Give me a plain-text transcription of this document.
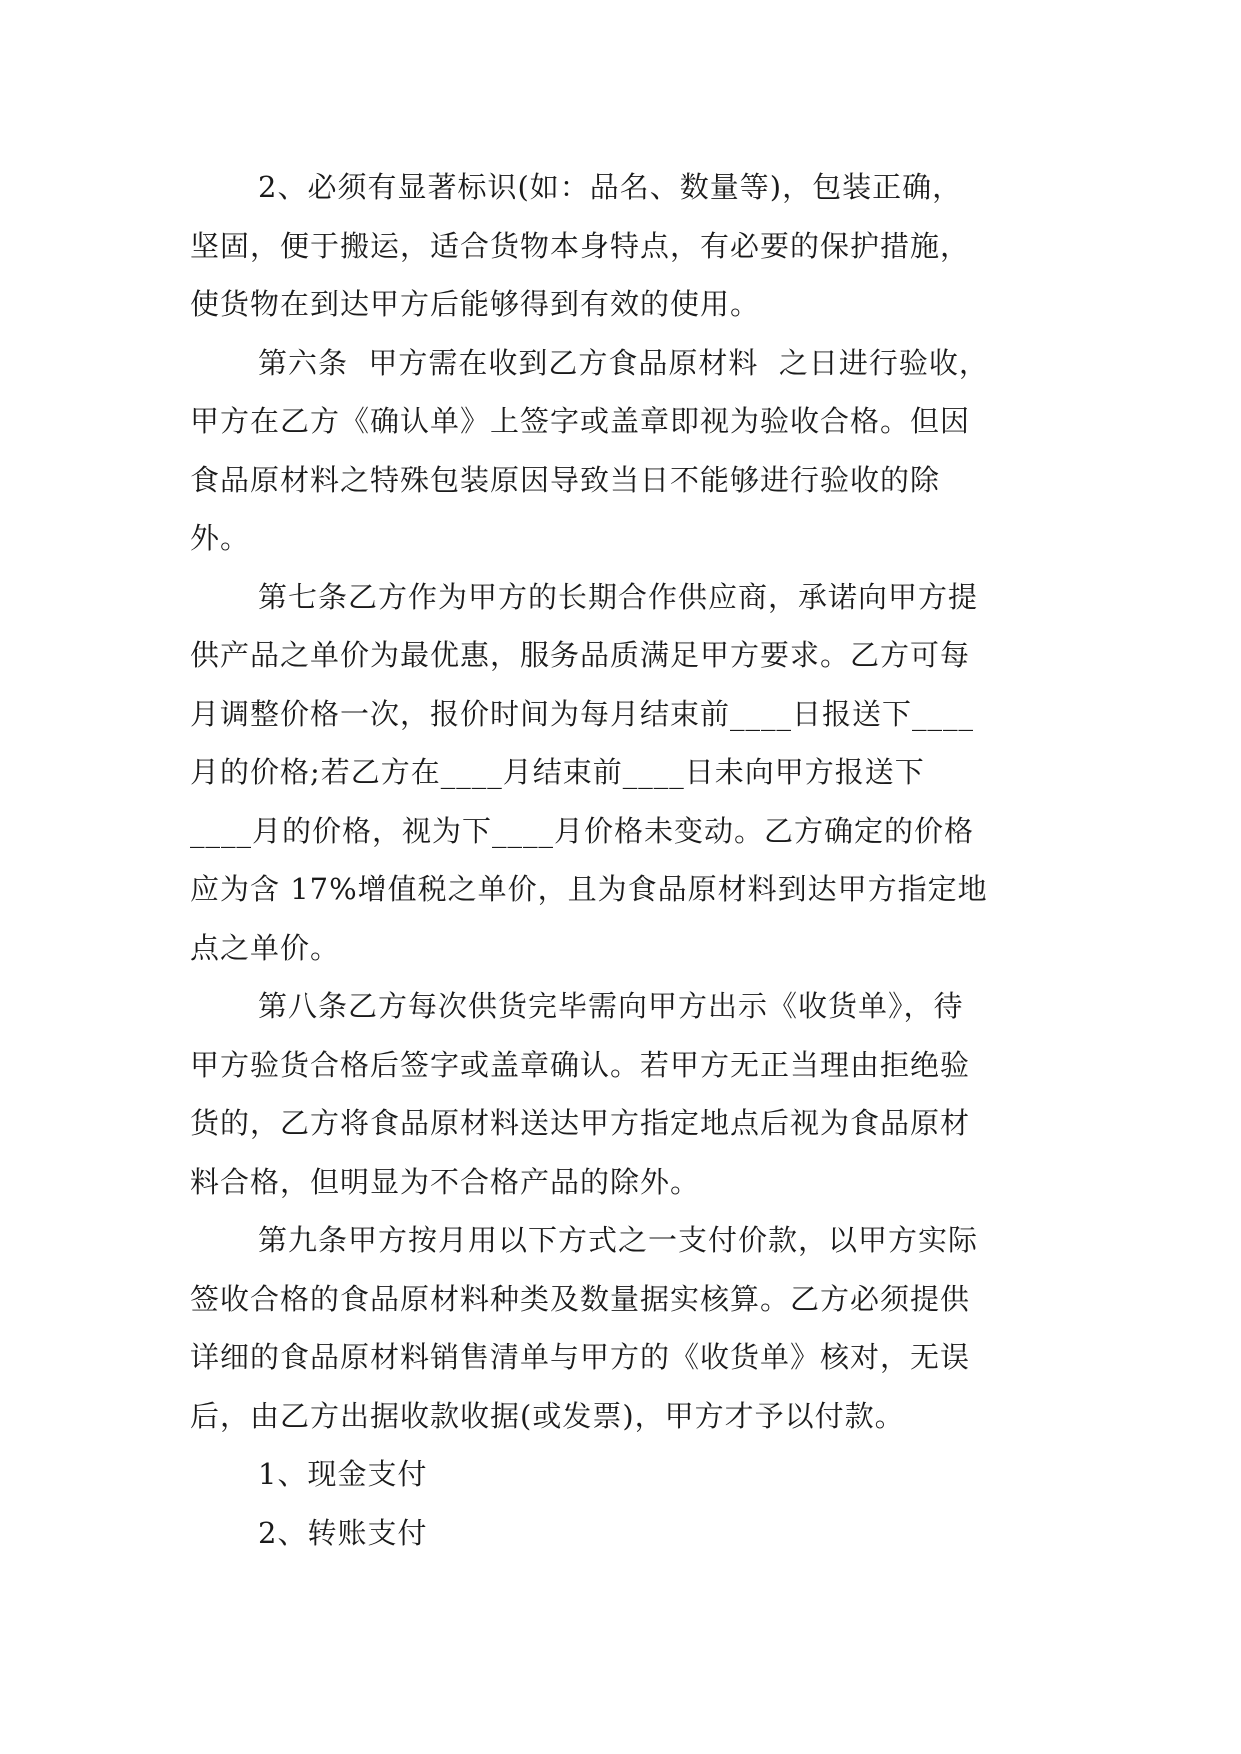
2、必须有显著标识(如：品名、数量等)，包装正确，
坚固，便于搬运，适合货物本身特点，有必要的保护措施，
使货物在到达甲方后能够得到有效的使用。
第六条  甲方需在收到乙方食品原材料  之日进行验收，
甲方在乙方《确认单》上签字或盖章即视为验收合格。但因
食品原材料之特殊包装原因导致当日不能够进行验收的除
外。
第七条乙方作为甲方的长期合作供应商，承诺向甲方提
供产品之单价为最优惠，服务品质满足甲方要求。乙方可每
月调整价格一次，报价时间为每月结束前____日报送下____
月的价格;若乙方在____月结束前____日未向甲方报送下
____月的价格，视为下____月价格未变动。乙方确定的价格
应为含 17%增值税之单价，且为食品原材料到达甲方指定地
点之单价。
第八条乙方每次供货完毕需向甲方出示《收货单》，待
甲方验货合格后签字或盖章确认。若甲方无正当理由拒绝验
货的，乙方将食品原材料送达甲方指定地点后视为食品原材
料合格，但明显为不合格产品的除外。
第九条甲方按月用以下方式之一支付价款，以甲方实际
签收合格的食品原材料种类及数量据实核算。乙方必须提供
详细的食品原材料销售清单与甲方的《收货单》核对，无误
后，由乙方出据收款收据(或发票)，甲方才予以付款。
1、现金支付
2、转账支付
